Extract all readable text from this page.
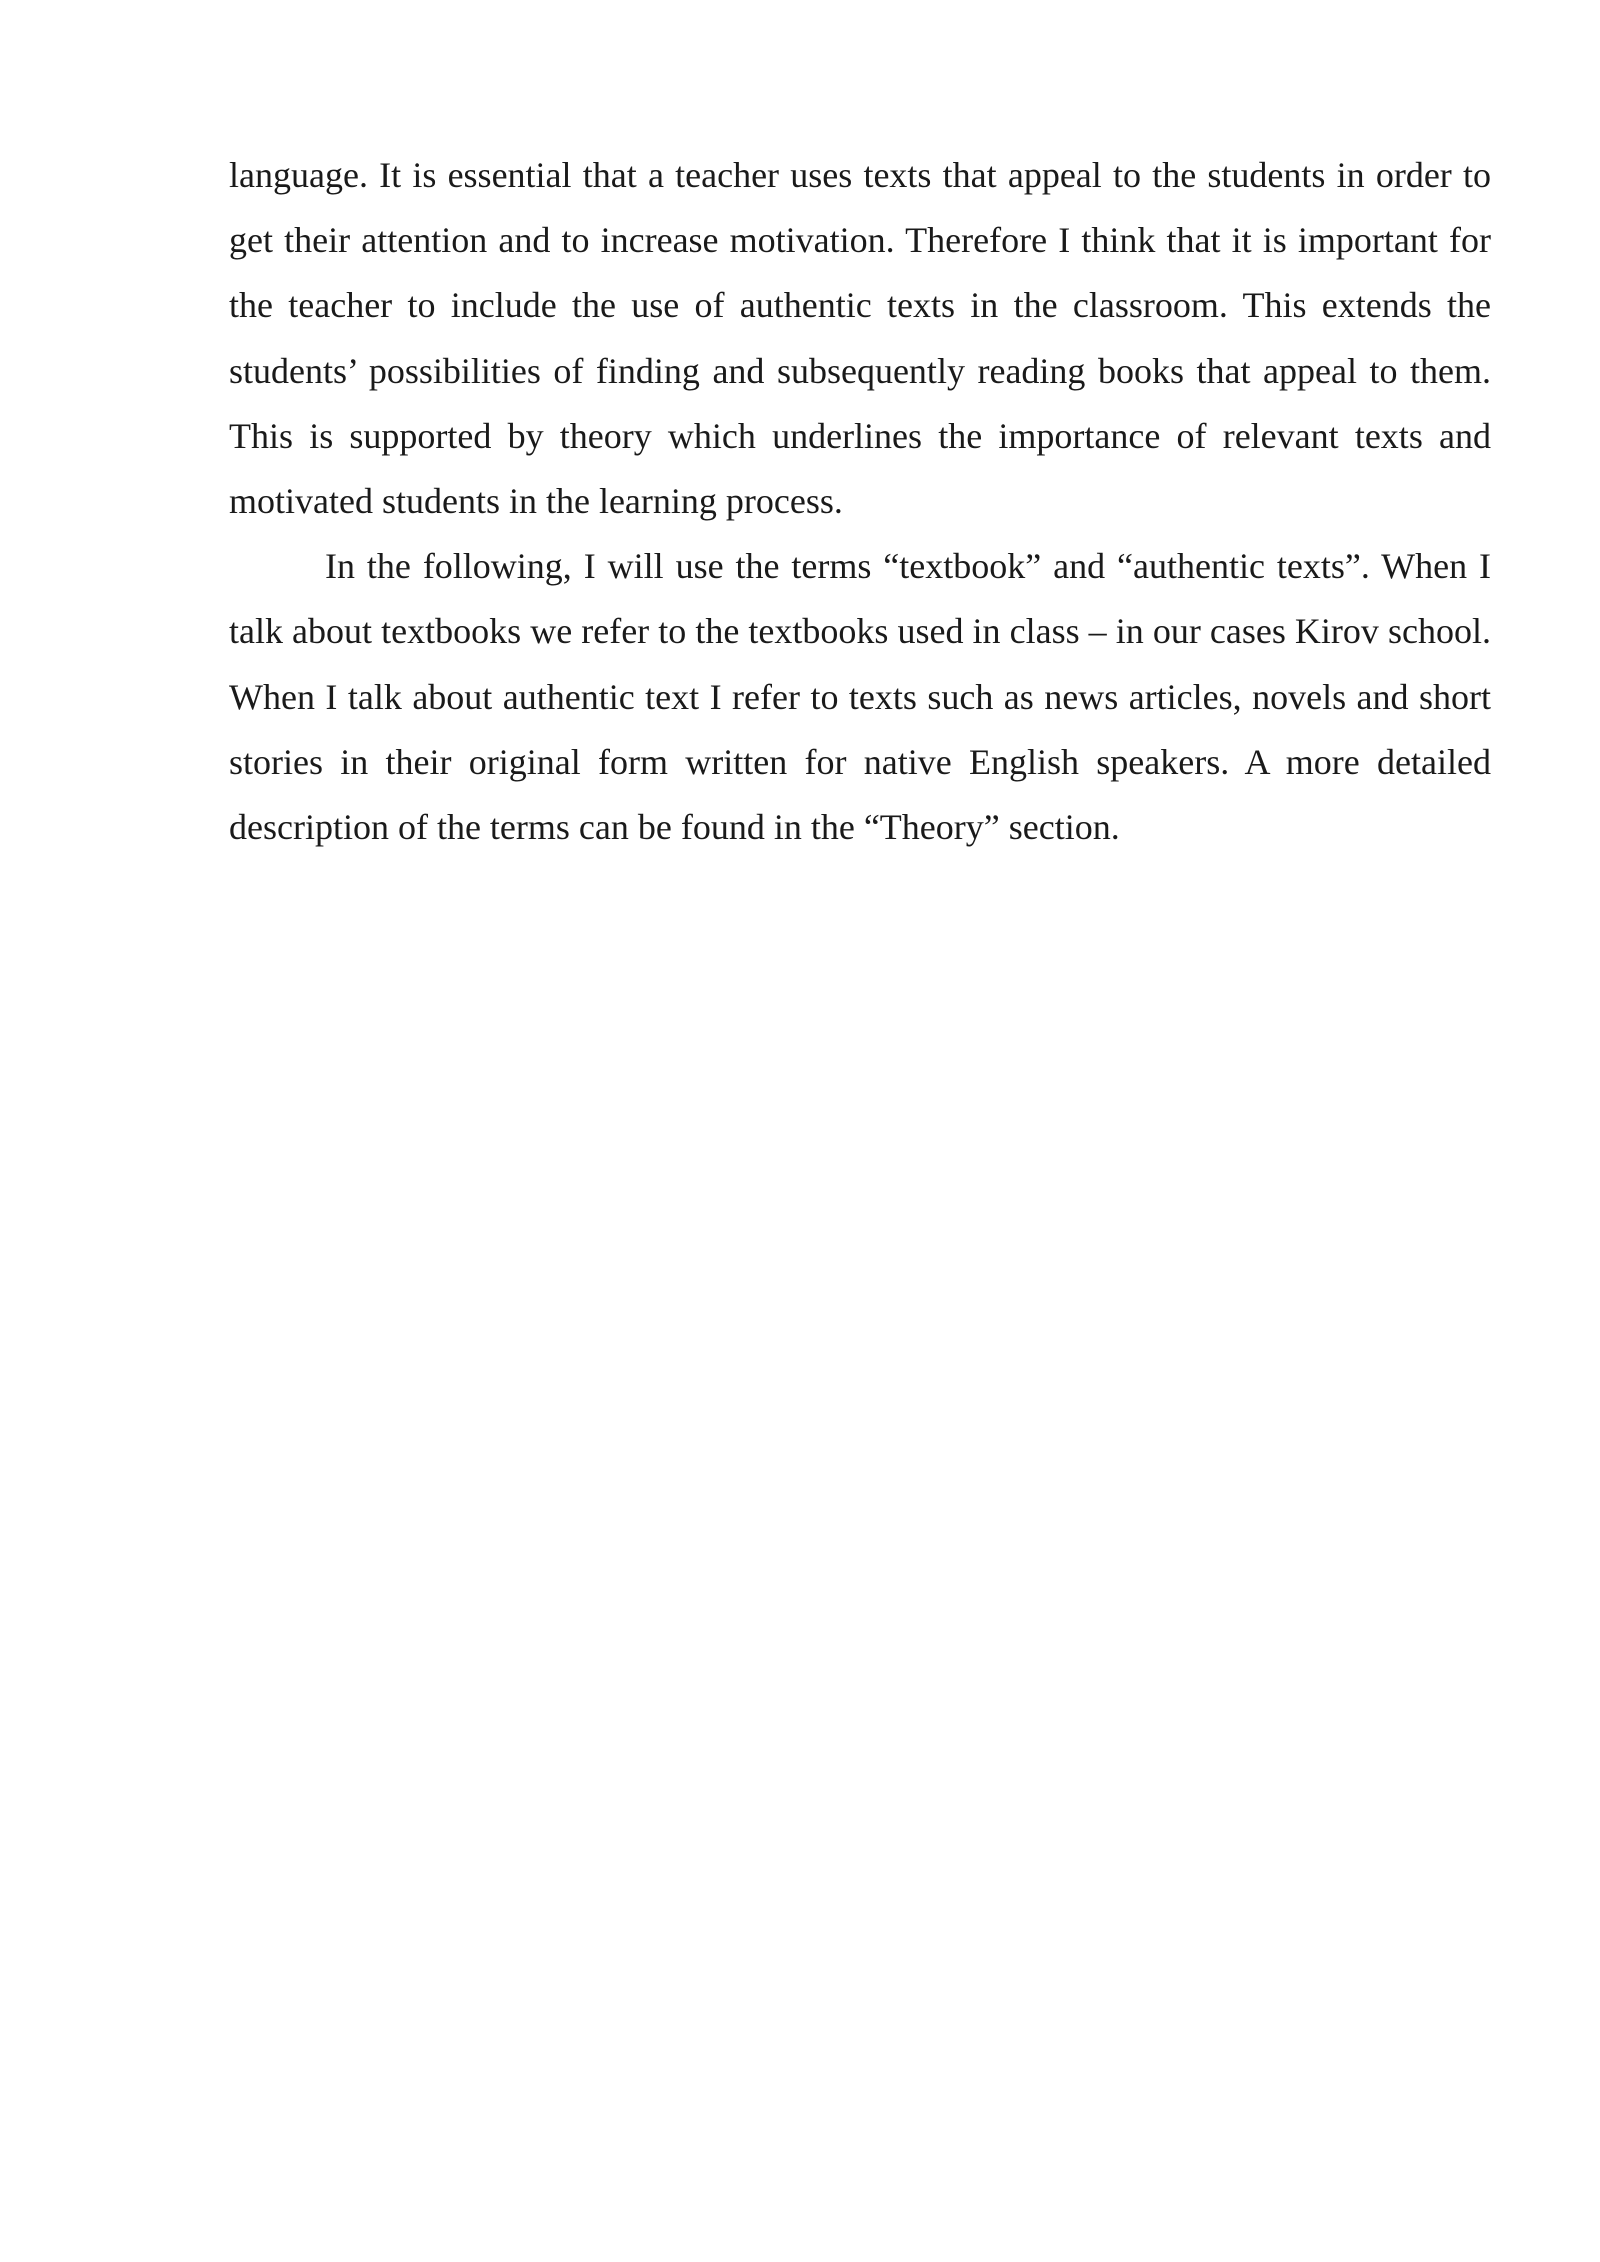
language. It is essential that a teacher uses texts that appeal to the students in order to get their attention and to increase motivation. Therefore I think that it is important for the teacher to include the use of authentic texts in the classroom. This extends the students’ possibilities of finding and subsequently reading books that appeal to them. This is supported by theory which underlines the importance of relevant texts and motivated students in the learning process.

In the following, I will use the terms “textbook” and “authentic texts”. When I talk about textbooks we refer to the textbooks used in class – in our cases Kirov school. When I talk about authentic text I refer to texts such as news articles, novels and short stories in their original form written for native English speakers. A more detailed description of the terms can be found in the “Theory” section.
